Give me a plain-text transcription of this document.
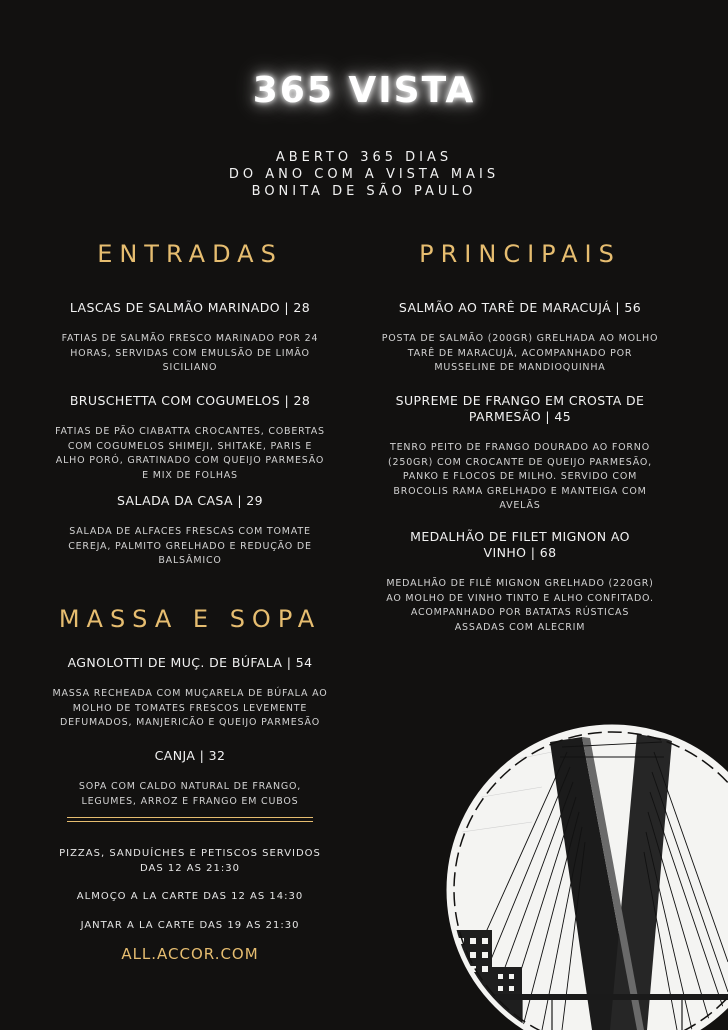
365 VISTA
ABERTO 365 DIAS
DO ANO COM A VISTA MAIS
BONITA DE SÃO PAULO
ENTRADAS
LASCAS DE SALMÃO MARINADO | 28
FATIAS DE SALMÃO FRESCO MARINADO POR 24
HORAS, SERVIDAS COM EMULSÃO DE LIMÃO
SICILIANO
BRUSCHETTA COM COGUMELOS | 28
FATIAS DE PÃO CIABATTA CROCANTES, COBERTAS
COM COGUMELOS SHIMEJI, SHITAKE, PARIS E
ALHO PORÓ, GRATINADO COM QUEIJO PARMESÃO
E MIX DE FOLHAS
SALADA DA CASA | 29
SALADA DE ALFACES FRESCAS COM TOMATE
CEREJA, PALMITO GRELHADO E REDUÇÃO DE
BALSÂMICO
PRINCIPAIS
SALMÃO AO TARÊ DE MARACUJÁ | 56
POSTA DE SALMÃO (200GR) GRELHADA AO MOLHO
TARÊ DE MARACUJÁ, ACOMPANHADO POR
MUSSELINE DE MANDIOQUINHA
SUPREME DE FRANGO EM CROSTA DE
PARMESÃO | 45
TENRO PEITO DE FRANGO DOURADO AO FORNO
(250GR) COM CROCANTE DE QUEIJO PARMESÃO,
PANKO E FLOCOS DE MILHO. SERVIDO COM
BROCOLIS RAMA GRELHADO E MANTEIGA COM
AVELÃS
MEDALHÃO DE FILET MIGNON AO
VINHO | 68
MEDALHÃO DE FILÉ MIGNON GRELHADO (220GR)
AO MOLHO DE VINHO TINTO E ALHO CONFITADO.
ACOMPANHADO POR BATATAS RÚSTICAS
ASSADAS COM ALECRIM
MASSA E SOPA
AGNOLOTTI DE MUÇ. DE BÚFALA | 54
MASSA RECHEADA COM MUÇARELA DE BÚFALA AO
MOLHO DE TOMATES FRESCOS LEVEMENTE
DEFUMADOS, MANJERICÃO E QUEIJO PARMESÃO
CANJA | 32
SOPA COM CALDO NATURAL DE FRANGO,
LEGUMES, ARROZ E FRANGO EM CUBOS
PIZZAS, SANDUÍCHES E PETISCOS SERVIDOS
DAS 12 AS 21:30
ALMOÇO A LA CARTE DAS 12 AS 14:30
JANTAR A LA CARTE DAS 19 AS 21:30
ALL.ACCOR.COM
